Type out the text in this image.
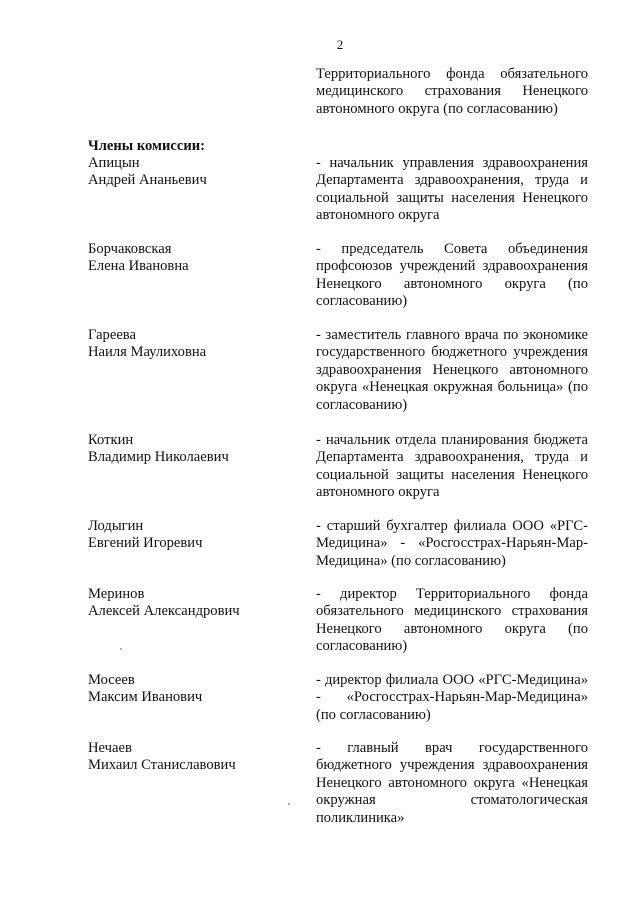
2
Территориального фонда обязательного медицинского страхования Ненецкого автономного округа (по согласованию)
Члены комиссии:
Апицын
Андрей Ананьевич
- начальник управления здравоохранения Департамента здравоохранения, труда и социальной защиты населения Ненецкого автономного округа
Борчаковская
Елена Ивановна
- председатель Совета объединения профсоюзов учреждений здравоохранения Ненецкого автономного округа (по согласованию)
Гареева
Наиля Маулиховна
- заместитель главного врача по экономике государственного бюджетного учреждения здравоохранения Ненецкого автономного округа «Ненецкая окружная больница» (по согласованию)
Коткин
Владимир Николаевич
- начальник отдела планирования бюджета Департамента здравоохранения, труда и социальной защиты населения Ненецкого автономного округа
Лодыгин
Евгений Игоревич
- старший бухгалтер филиала ООО «РГС-Медицина» - «Росгосстрах-Нарьян-Мар-Медицина» (по согласованию)
Меринов
Алексей Александрович
- директор Территориального фонда обязательного медицинского страхования Ненецкого автономного округа (по согласованию)
Мосеев
Максим Иванович
- директор филиала ООО «РГС-Медицина» - «Росгосстрах-Нарьян-Мар-Медицина» (по согласованию)
Нечаев
Михаил Станиславович
- главный врач государственного бюджетного учреждения здравоохранения Ненецкого автономного округа «Ненецкая окружная стоматологическая поликлиника»
